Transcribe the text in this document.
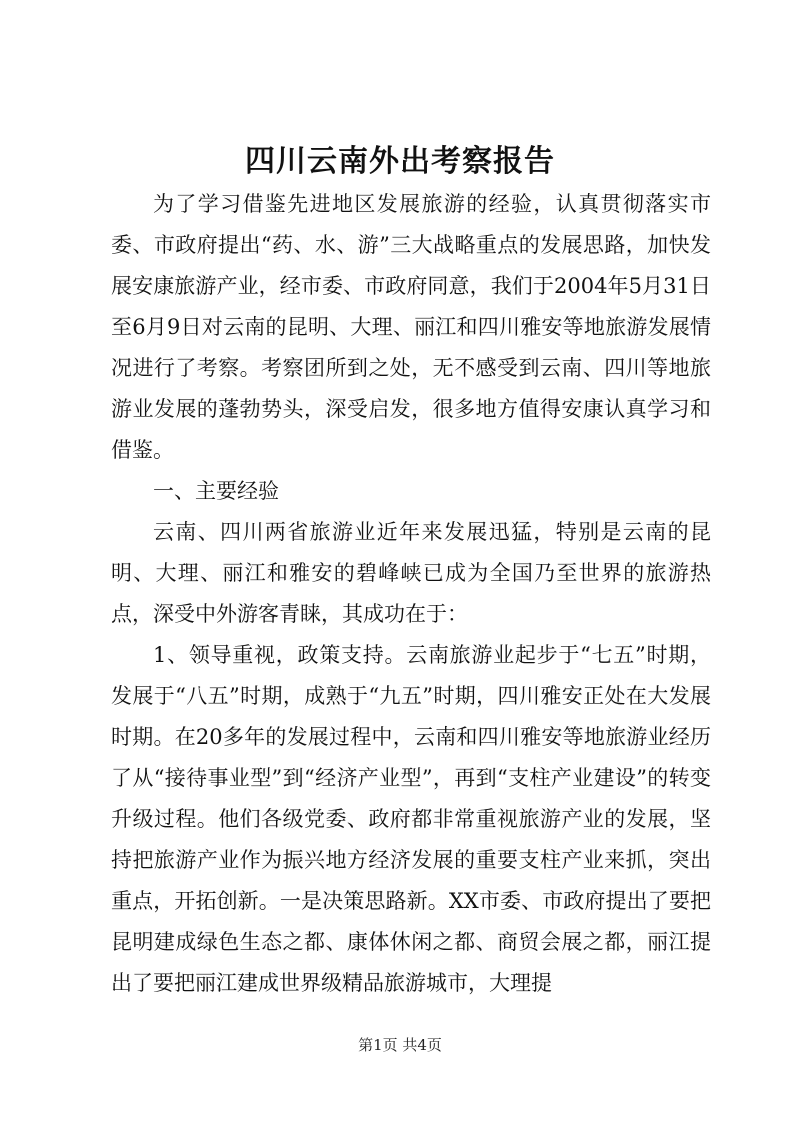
四川云南外出考察报告

为了学习借鉴先进地区发展旅游的经验，认真贯彻落实市委、市政府提出“药、水、游”三大战略重点的发展思路，加快发展安康旅游产业，经市委、市政府同意，我们于2004年5月31日至6月9日对云南的昆明、大理、丽江和四川雅安等地旅游发展情况进行了考察。考察团所到之处，无不感受到云南、四川等地旅游业发展的蓬勃势头，深受启发，很多地方值得安康认真学习和借鉴。

一、主要经验

云南、四川两省旅游业近年来发展迅猛，特别是云南的昆明、大理、丽江和雅安的碧峰峡已成为全国乃至世界的旅游热点，深受中外游客青睐，其成功在于：

1、领导重视，政策支持。云南旅游业起步于“七五”时期，发展于“八五”时期，成熟于“九五”时期，四川雅安正处在大发展时期。在20多年的发展过程中，云南和四川雅安等地旅游业经历了从“接待事业型”到“经济产业型”，再到“支柱产业建设”的转变升级过程。他们各级党委、政府都非常重视旅游产业的发展，坚持把旅游产业作为振兴地方经济发展的重要支柱产业来抓，突出重点，开拓创新。一是决策思路新。XX市委、市政府提出了要把昆明建成绿色生态之都、康体休闲之都、商贸会展之都，丽江提出了要把丽江建成世界级精品旅游城市，大理提

第1页 共4页
